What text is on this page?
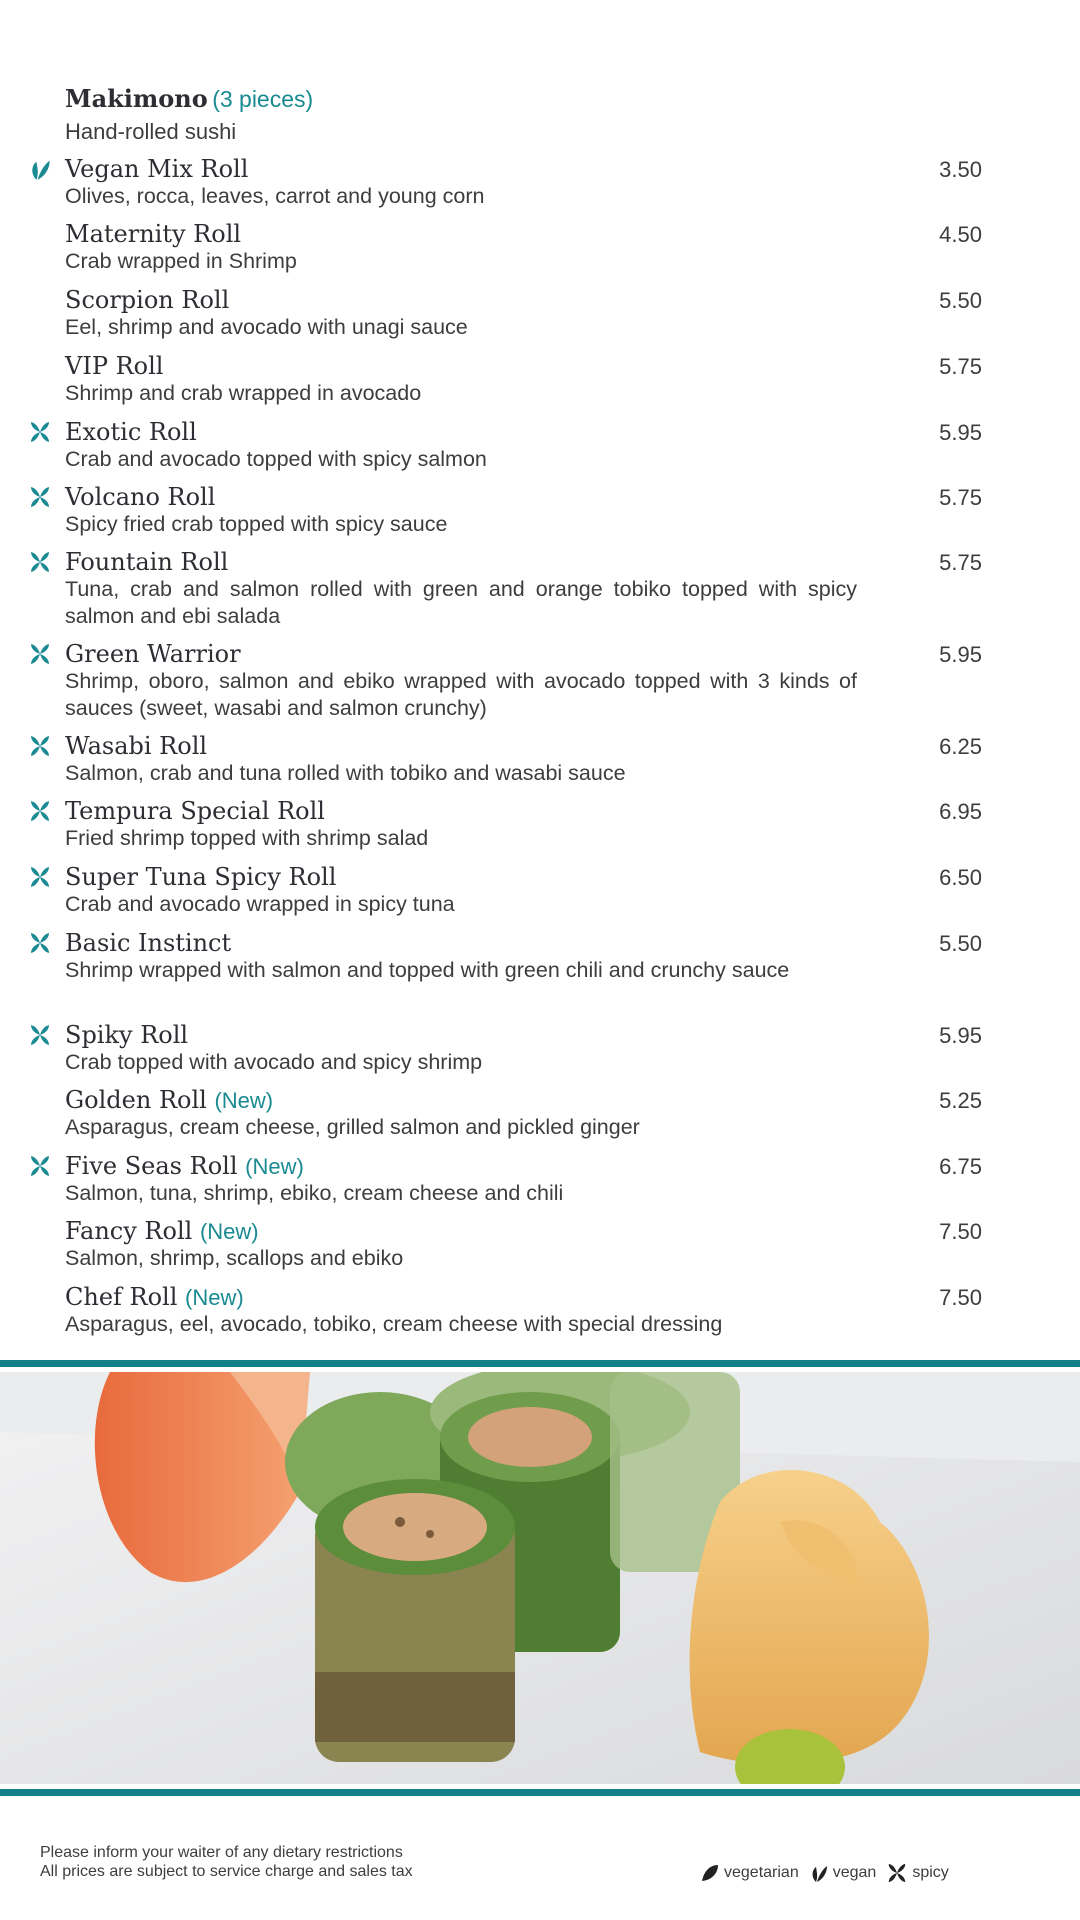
Makimono (3 pieces)
Hand-rolled sushi
Vegan Mix Roll
Olives, rocca, leaves, carrot and young corn
3.50
Maternity Roll
Crab wrapped in Shrimp
4.50
Scorpion Roll
Eel, shrimp and avocado with unagi sauce
5.50
VIP Roll
Shrimp and crab wrapped in avocado
5.75
Exotic Roll
Crab and avocado topped with spicy salmon
5.95
Volcano Roll
Spicy fried crab topped with spicy sauce
5.75
Fountain Roll
Tuna, crab and salmon rolled with green and orange tobiko topped with spicy salmon and ebi salada
5.75
Green Warrior
Shrimp, oboro, salmon and ebiko wrapped with avocado topped with 3 kinds of sauces (sweet, wasabi and salmon crunchy)
5.95
Wasabi Roll
Salmon, crab and tuna rolled with tobiko and wasabi sauce
6.25
Tempura Special Roll
Fried shrimp topped with shrimp salad
6.95
Super Tuna Spicy Roll
Crab and avocado wrapped in spicy tuna
6.50
Basic Instinct
Shrimp wrapped with salmon and topped with green chili and crunchy sauce
5.50
Spiky Roll
Crab topped with avocado and spicy shrimp
5.95
Golden Roll (New)
Asparagus, cream cheese, grilled salmon and pickled ginger
5.25
Five Seas Roll (New)
Salmon, tuna, shrimp, ebiko, cream cheese and chili
6.75
Fancy Roll (New)
Salmon, shrimp, scallops and ebiko
7.50
Chef Roll (New)
Asparagus, eel, avocado, tobiko, cream cheese with special dressing
7.50
Please inform your waiter of any dietary restrictions
All prices are subject to service charge and sales tax	vegetarian vegan spicy
